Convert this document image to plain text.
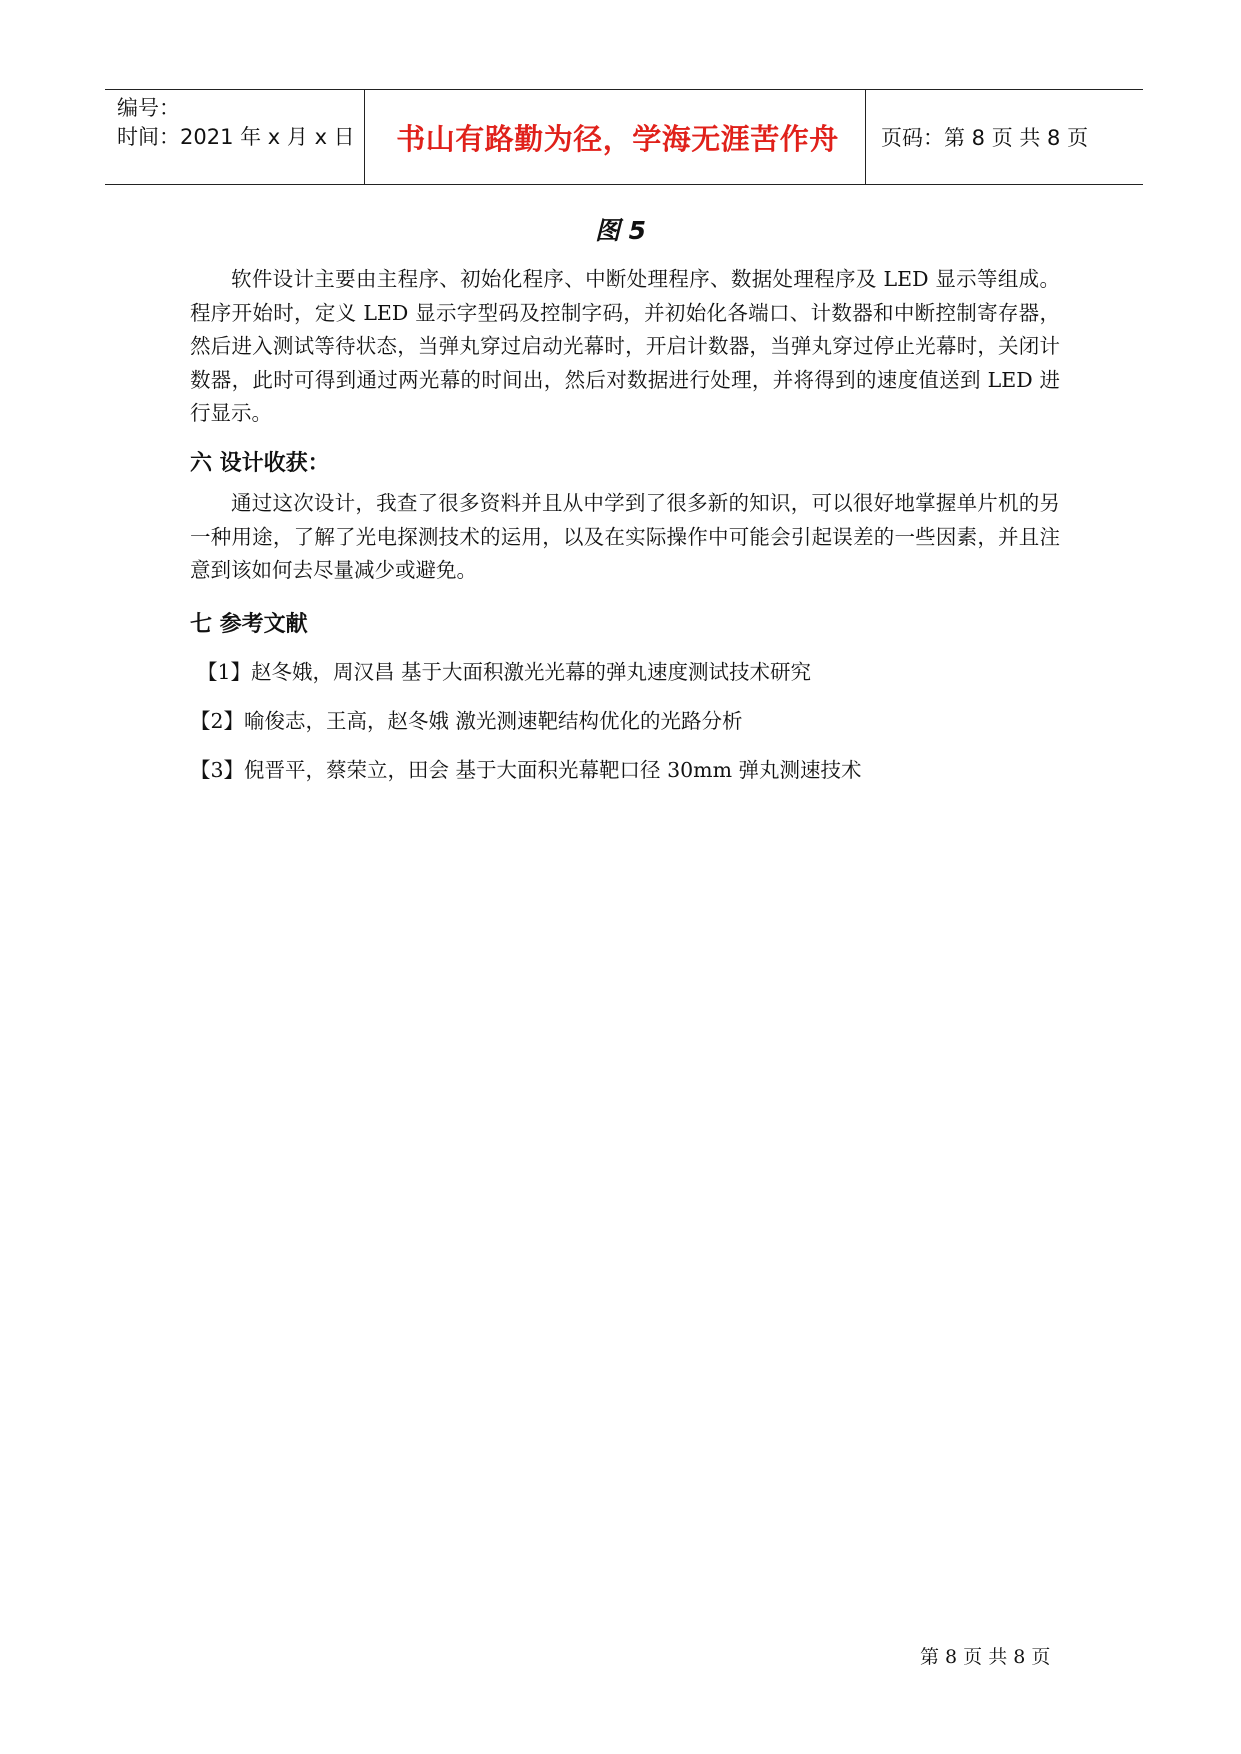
编号：
时间：2021 年 x 月 x 日	书山有路勤为径，学海无涯苦作舟	页码：第 8 页 共 8 页
图 5

软件设计主要由主程序、初始化程序、中断处理程序、数据处理程序及 LED 显示等组成。程序开始时，定义 LED 显示字型码及控制字码，并初始化各端口、计数器和中断控制寄存器，然后进入测试等待状态，当弹丸穿过启动光幕时，开启计数器，当弹丸穿过停止光幕时，关闭计数器，此时可得到通过两光幕的时间出，然后对数据进行处理，并将得到的速度值送到 LED 进行显示。

六 设计收获：

通过这次设计，我查了很多资料并且从中学到了很多新的知识，可以很好地掌握单片机的另一种用途，了解了光电探测技术的运用，以及在实际操作中可能会引起误差的一些因素，并且注意到该如何去尽量减少或避免。

七 参考文献
【1】赵冬娥，周汉昌 基于大面积激光光幕的弹丸速度测试技术研究
【2】喻俊志，王高，赵冬娥 激光测速靶结构优化的光路分析
【3】倪晋平，蔡荣立，田会 基于大面积光幕靶口径 30mm 弹丸测速技术
第 8 页 共 8 页
